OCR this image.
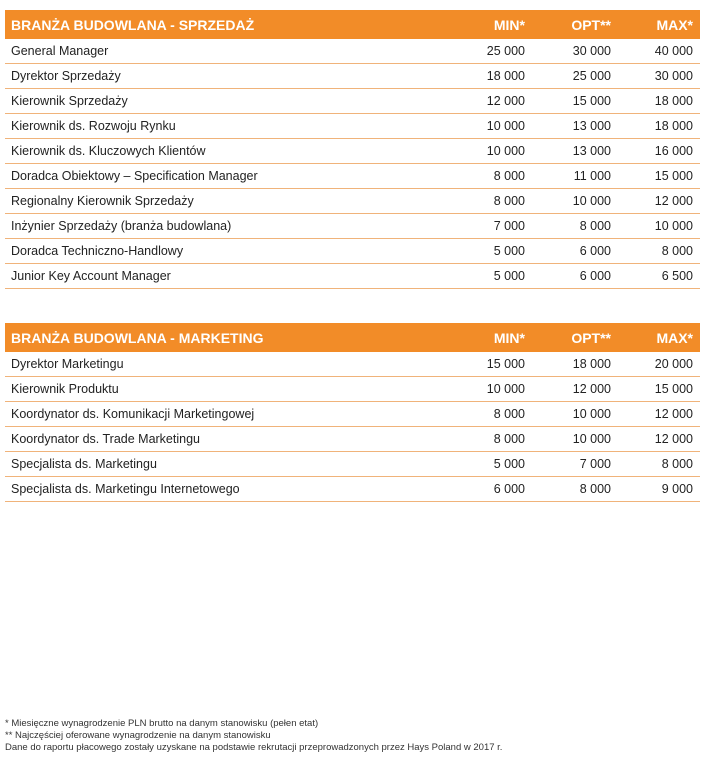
BRANŻA BUDOWLANA - SPRZEDAŻ	MIN*	OPT**	MAX*
General Manager	25 000	30 000	40 000
Dyrektor Sprzedaży	18 000	25 000	30 000
Kierownik Sprzedaży	12 000	15 000	18 000
Kierownik ds. Rozwoju Rynku	10 000	13 000	18 000
Kierownik ds. Kluczowych Klientów	10 000	13 000	16 000
Doradca Obiektowy – Specification Manager	8 000	11 000	15 000
Regionalny Kierownik Sprzedaży	8 000	10 000	12 000
Inżynier Sprzedaży (branża budowlana)	7 000	8 000	10 000
Doradca Techniczno-Handlowy	5 000	6 000	8 000
Junior Key Account Manager	5 000	6 000	6 500
BRANŻA BUDOWLANA - MARKETING	MIN*	OPT**	MAX*
Dyrektor Marketingu	15 000	18 000	20 000
Kierownik Produktu	10 000	12 000	15 000
Koordynator ds. Komunikacji Marketingowej	8 000	10 000	12 000
Koordynator ds. Trade Marketingu	8 000	10 000	12 000
Specjalista ds. Marketingu	5 000	7 000	8 000
Specjalista ds. Marketingu Internetowego	6 000	8 000	9 000
* Miesięczne wynagrodzenie PLN brutto na danym stanowisku (pełen etat)
** Najczęściej oferowane wynagrodzenie na danym stanowisku
Dane do raportu płacowego zostały uzyskane na podstawie rekrutacji przeprowadzonych przez Hays Poland w 2017 r.
